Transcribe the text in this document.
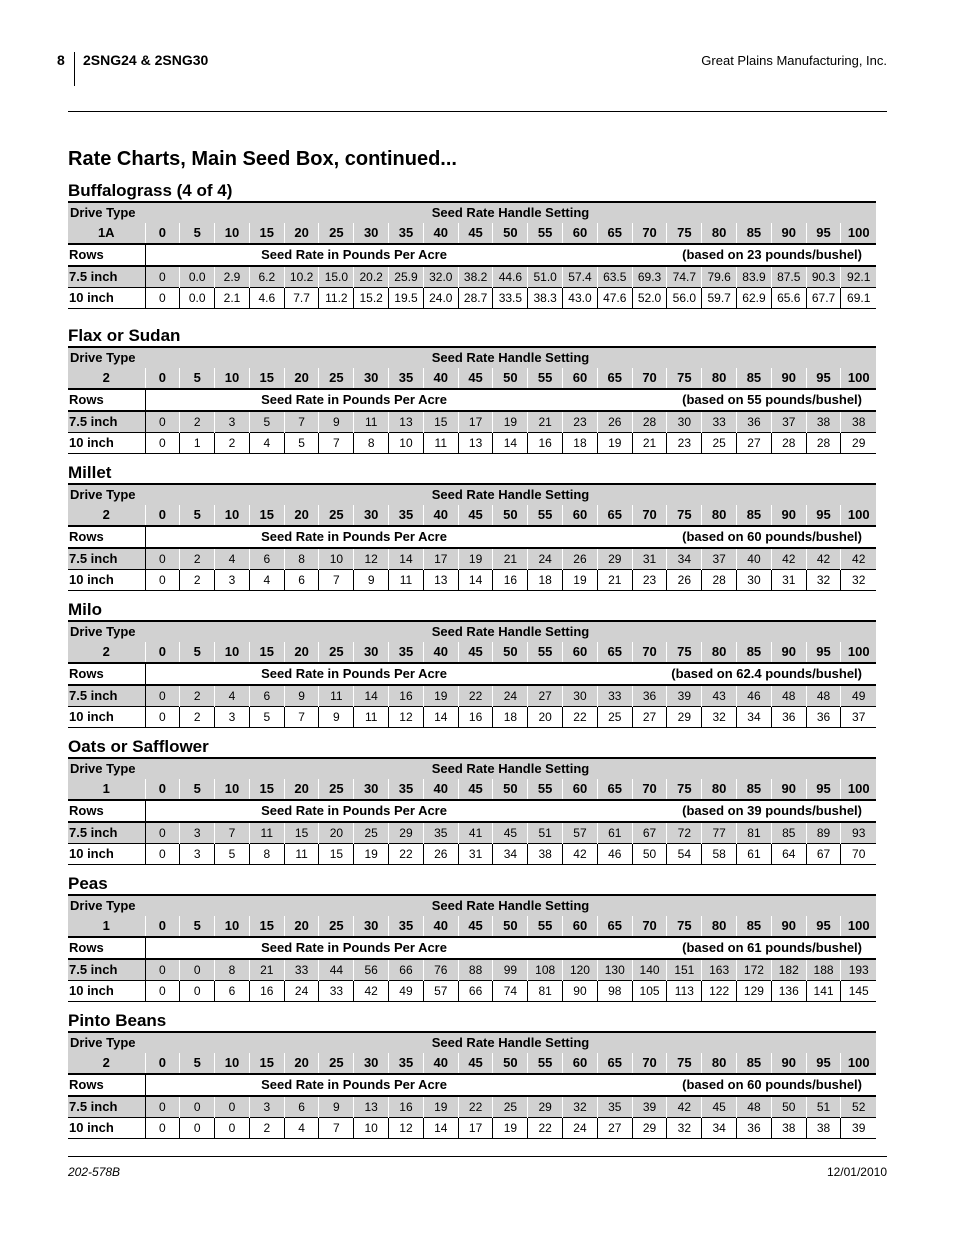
8 2SNG24 & 2SNG30	Great Plains Manufacturing, Inc.
Rate Charts, Main Seed Box, continued...
Buffalograss (4 of 4)
Drive Type	Seed Rate Handle Setting																				
1A	0	5	10	15	20	25	30	35	40	45	50	55	60	65	70	75	80	85	90	95	100
Rows	Seed Rate in Pounds Per Acre												(based on 23 pounds/bushel)								
7.5 inch	0	0.0	2.9	6.2	10.2	15.0	20.2	25.9	32.0	38.2	44.6	51.0	57.4	63.5	69.3	74.7	79.6	83.9	87.5	90.3	92.1
10 inch	0	0.0	2.1	4.6	7.7	11.2	15.2	19.5	24.0	28.7	33.5	38.3	43.0	47.6	52.0	56.0	59.7	62.9	65.6	67.7	69.1
Flax or Sudan
Drive Type	Seed Rate Handle Setting																				
2	0	5	10	15	20	25	30	35	40	45	50	55	60	65	70	75	80	85	90	95	100
Rows	Seed Rate in Pounds Per Acre												(based on 55 pounds/bushel)								
7.5 inch	0	2	3	5	7	9	11	13	15	17	19	21	23	26	28	30	33	36	37	38	38
10 inch	0	1	2	4	5	7	8	10	11	13	14	16	18	19	21	23	25	27	28	28	29
Millet
Drive Type	Seed Rate Handle Setting																				
2	0	5	10	15	20	25	30	35	40	45	50	55	60	65	70	75	80	85	90	95	100
Rows	Seed Rate in Pounds Per Acre												(based on 60 pounds/bushel)								
7.5 inch	0	2	4	6	8	10	12	14	17	19	21	24	26	29	31	34	37	40	42	42	42
10 inch	0	2	3	4	6	7	9	11	13	14	16	18	19	21	23	26	28	30	31	32	32
Milo
Drive Type	Seed Rate Handle Setting																				
2	0	5	10	15	20	25	30	35	40	45	50	55	60	65	70	75	80	85	90	95	100
Rows	Seed Rate in Pounds Per Acre												(based on 62.4 pounds/bushel)								
7.5 inch	0	2	4	6	9	11	14	16	19	22	24	27	30	33	36	39	43	46	48	48	49
10 inch	0	2	3	5	7	9	11	12	14	16	18	20	22	25	27	29	32	34	36	36	37
Oats or Safflower
Drive Type	Seed Rate Handle Setting																				
1	0	5	10	15	20	25	30	35	40	45	50	55	60	65	70	75	80	85	90	95	100
Rows	Seed Rate in Pounds Per Acre												(based on 39 pounds/bushel)								
7.5 inch	0	3	7	11	15	20	25	29	35	41	45	51	57	61	67	72	77	81	85	89	93
10 inch	0	3	5	8	11	15	19	22	26	31	34	38	42	46	50	54	58	61	64	67	70
Peas
Drive Type	Seed Rate Handle Setting																				
1	0	5	10	15	20	25	30	35	40	45	50	55	60	65	70	75	80	85	90	95	100
Rows	Seed Rate in Pounds Per Acre												(based on 61 pounds/bushel)								
7.5 inch	0	0	8	21	33	44	56	66	76	88	99	108	120	130	140	151	163	172	182	188	193
10 inch	0	0	6	16	24	33	42	49	57	66	74	81	90	98	105	113	122	129	136	141	145
Pinto Beans
Drive Type	Seed Rate Handle Setting																				
2	0	5	10	15	20	25	30	35	40	45	50	55	60	65	70	75	80	85	90	95	100
Rows	Seed Rate in Pounds Per Acre												(based on 60 pounds/bushel)								
7.5 inch	0	0	0	3	6	9	13	16	19	22	25	29	32	35	39	42	45	48	50	51	52
10 inch	0	0	0	2	4	7	10	12	14	17	19	22	24	27	29	32	34	36	38	38	39
202-578B	12/01/2010
